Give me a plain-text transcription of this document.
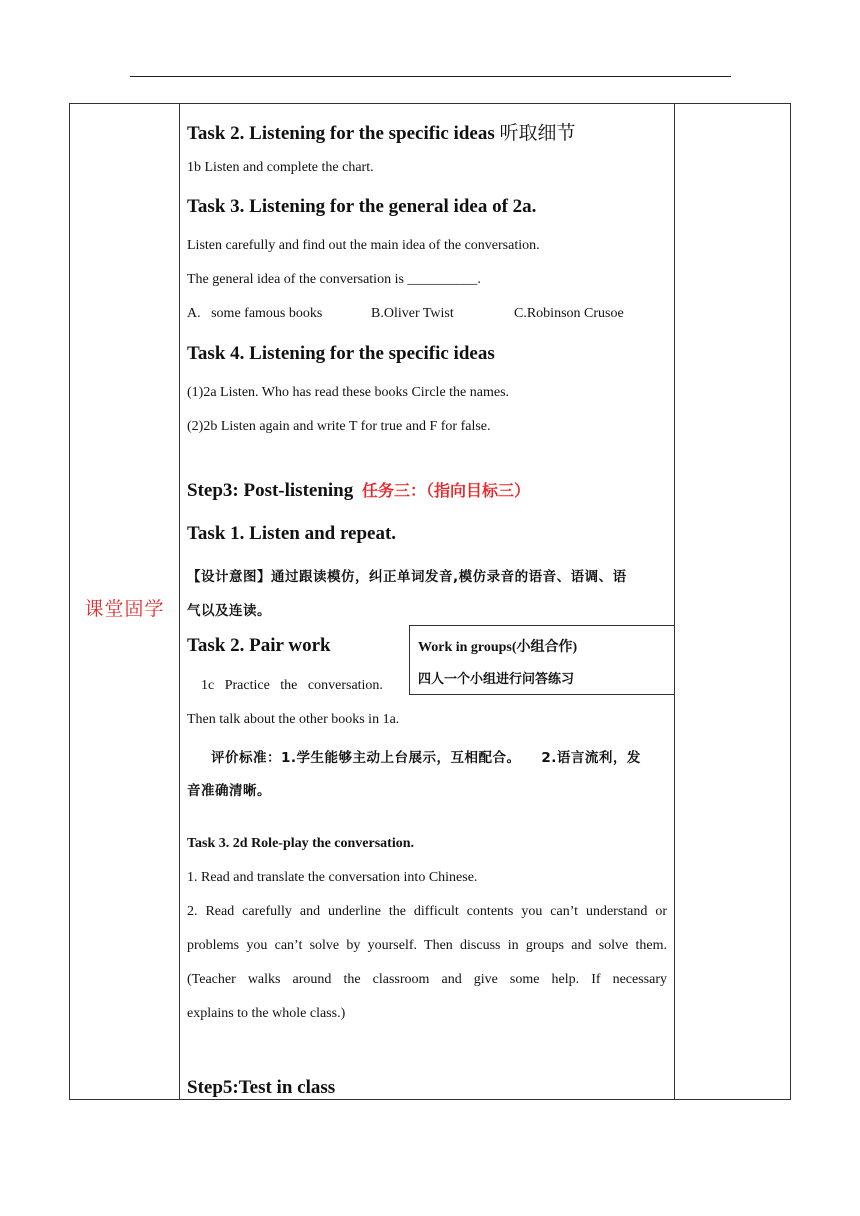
课堂固学
Task 2. Listening for the specific ideas 听取细节
1b Listen and complete the chart.
Task 3. Listening for the general idea of 2a.
Listen carefully and find out the main idea of the conversation.
The general idea of the conversation is __________.
A.   some famous books	B.Oliver Twist	C.Robinson Crusoe
Task 4. Listening for the specific ideas
(1)2a Listen. Who has read these books Circle the names.
(2)2b Listen again and write T for true and F for false.
Step3: Post-listening 任务三：（指向目标三）
Task 1. Listen and repeat.
【设计意图】通过跟读模仿，纠正单词发音,模仿录音的语音、语调、语
气以及连读。
Task 2. Pair work
1c   Practice   the   conversation.
Then talk about the other books in 1a.
评价标准：1.学生能够主动上台展示，互相配合。    2.语言流利，发
音准确清晰。
Task 3. 2d Role-play the conversation.
1. Read and translate the conversation into Chinese.
2. Read carefully and underline the difficult contents you can’t understand or
problems you can’t solve by yourself. Then discuss in groups and solve them.
(Teacher walks around the classroom and give some help. If necessary
explains to the whole class.)
Step5:Test in class
Work in groups(小组合作)
四人一个小组进行问答练习
